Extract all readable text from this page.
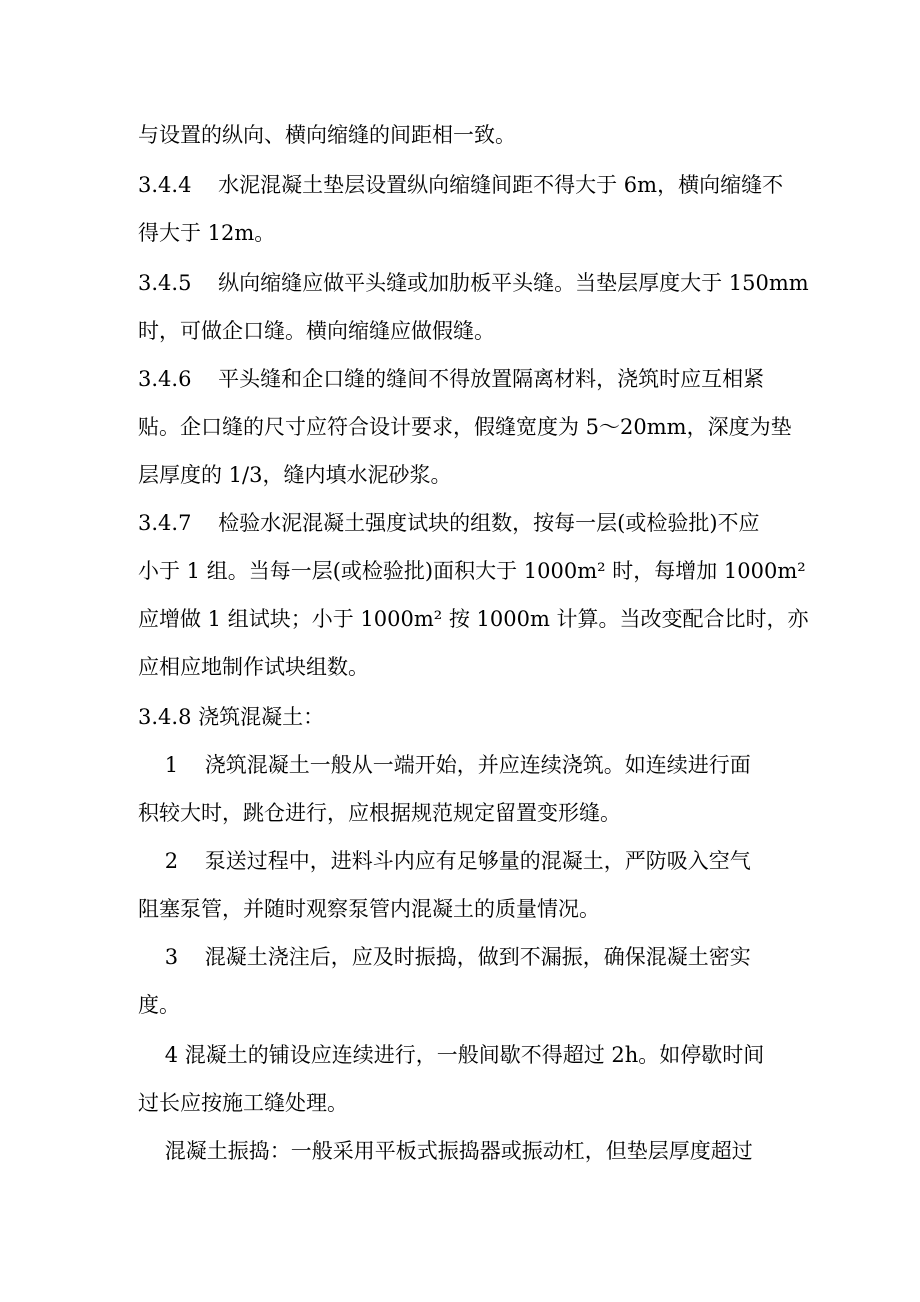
与设置的纵向、横向缩缝的间距相一致。
3.4.4    水泥混凝土垫层设置纵向缩缝间距不得大于 6m，横向缩缝不
得大于 12m。
3.4.5    纵向缩缝应做平头缝或加肋板平头缝。当垫层厚度大于 150mm
时，可做企口缝。横向缩缝应做假缝。
3.4.6    平头缝和企口缝的缝间不得放置隔离材料，浇筑时应互相紧
贴。企口缝的尺寸应符合设计要求，假缝宽度为 5～20mm，深度为垫
层厚度的 1/3，缝内填水泥砂浆。
3.4.7    检验水泥混凝土强度试块的组数，按每一层(或检验批)不应
小于 1 组。当每一层(或检验批)面积大于 1000m² 时，每增加 1000m²
应增做 1 组试块；小于 1000m² 按 1000m 计算。当改变配合比时，亦
应相应地制作试块组数。
3.4.8 浇筑混凝土：
1    浇筑混凝土一般从一端开始，并应连续浇筑。如连续进行面
积较大时，跳仓进行，应根据规范规定留置变形缝。
2    泵送过程中，进料斗内应有足够量的混凝土，严防吸入空气
阻塞泵管，并随时观察泵管内混凝土的质量情况。
3    混凝土浇注后，应及时振捣，做到不漏振，确保混凝土密实
度。
4 混凝土的铺设应连续进行，一般间歇不得超过 2h。如停歇时间
过长应按施工缝处理。
混凝土振捣：一般采用平板式振捣器或振动杠，但垫层厚度超过
